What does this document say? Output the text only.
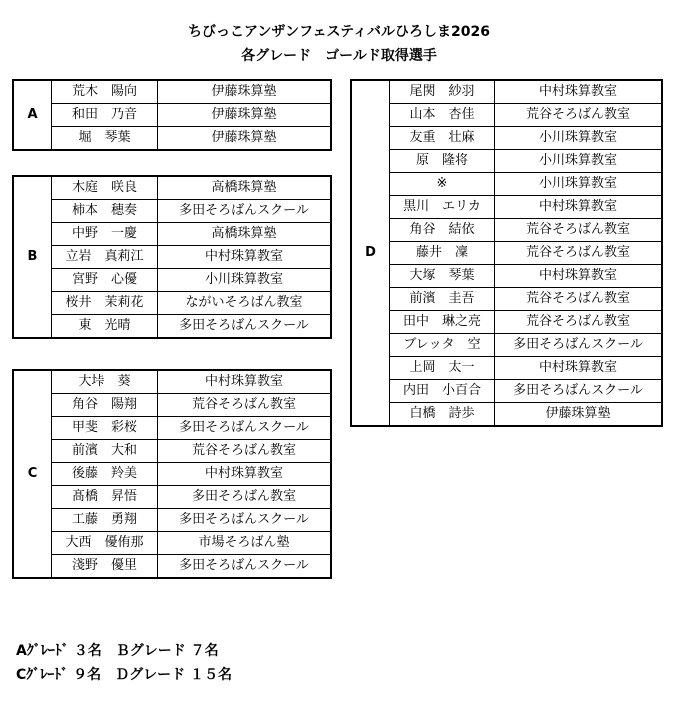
ちびっこアンザンフェスティバルひろしま2026
各グレード　ゴールド取得選手
A	荒木　陽向	伊藤珠算塾
	和田　乃音	伊藤珠算塾
	堀　琴葉	伊藤珠算塾
B	木庭　咲良	高橋珠算塾
	柿本　穂奏	多田そろばんスクール
	中野　一慶	高橋珠算塾
	立岩　真莉江	中村珠算教室
	宮野　心優	小川珠算教室
	桜井　茉莉花	ながいそろばん教室
	東　光晴	多田そろばんスクール
C	大垰　葵	中村珠算教室
	角谷　陽翔	荒谷そろばん教室
	甲斐　彩桜	多田そろばんスクール
	前濱　大和	荒谷そろばん教室
	後藤　羚美	中村珠算教室
	髙橋　昇悟	多田そろばん教室
	工藤　勇翔	多田そろばんスクール
	大西　優侑那	市場そろばん塾
	淺野　優里	多田そろばんスクール
D	尾関　紗羽	中村珠算教室
	山本　杏佳	荒谷そろばん教室
	友重　壮麻	小川珠算教室
	原　隆将	小川珠算教室
	※	小川珠算教室
	黒川　エリカ	中村珠算教室
	角谷　結依	荒谷そろばん教室
	藤井　凜	荒谷そろばん教室
	大塚　琴葉	中村珠算教室
	前濱　圭吾	荒谷そろばん教室
	田中　琳之亮	荒谷そろばん教室
	ブレッタ　空	多田そろばんスクール
	上岡　太一	中村珠算教室
	内田　小百合	多田そろばんスクール
	白橋　詩歩	伊藤珠算塾
Aｸﾞﾚｰﾄﾞ ３名　Ｂグレード ７名
Cｸﾞﾚｰﾄﾞ ９名　Ｄグレード １５名
